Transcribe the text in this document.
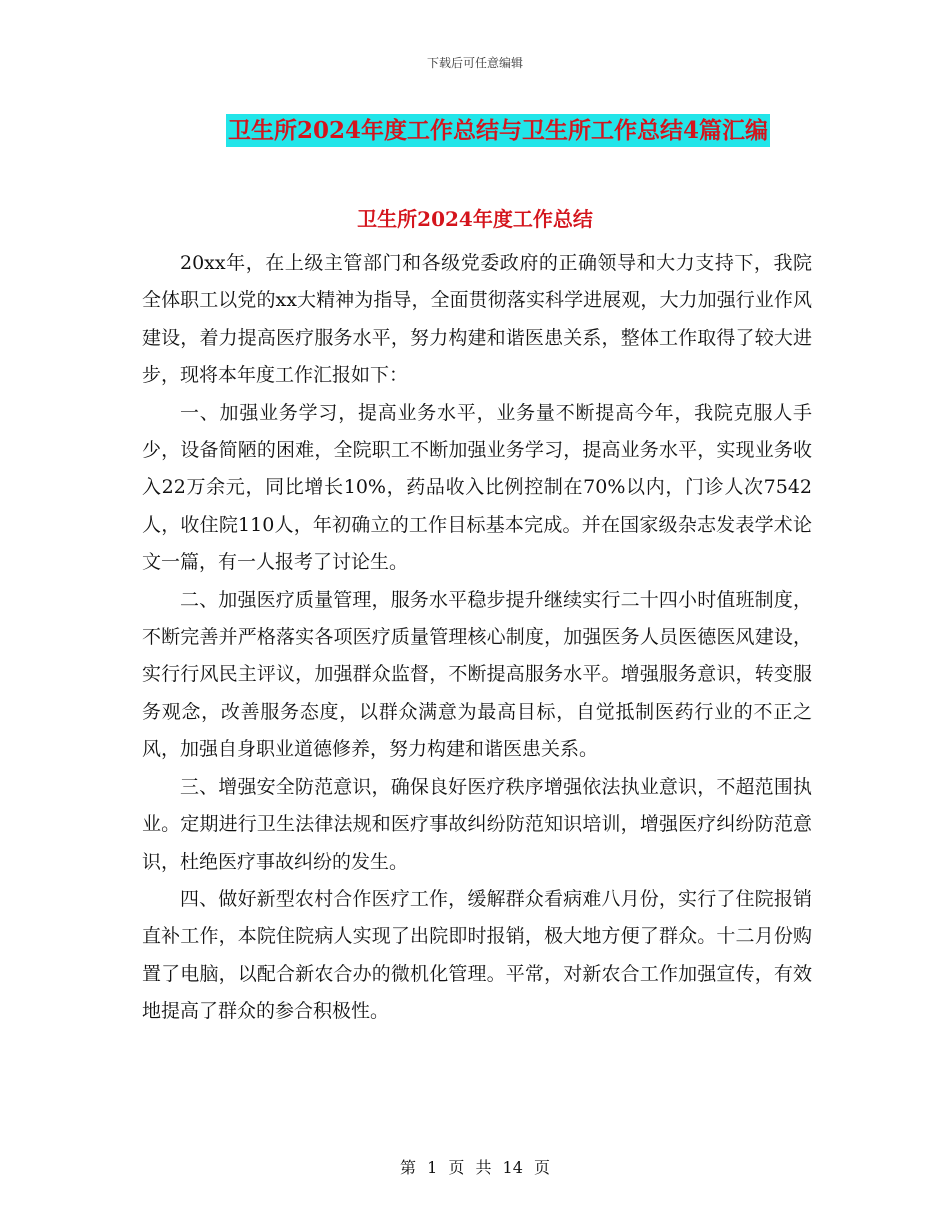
下载后可任意编辑
卫生所2024年度工作总结与卫生所工作总结4篇汇编
卫生所2024年度工作总结

20xx年，在上级主管部门和各级党委政府的正确领导和大力支持下，我院全体职工以党的xx大精神为指导，全面贯彻落实科学进展观，大力加强行业作风建设，着力提高医疗服务水平，努力构建和谐医患关系，整体工作取得了较大进步，现将本年度工作汇报如下：

一、加强业务学习，提高业务水平，业务量不断提高今年，我院克服人手少，设备简陋的困难，全院职工不断加强业务学习，提高业务水平，实现业务收入22万余元，同比增长10%，药品收入比例控制在70%以内，门诊人次7542人，收住院110人，年初确立的工作目标基本完成。并在国家级杂志发表学术论文一篇，有一人报考了讨论生。

二、加强医疗质量管理，服务水平稳步提升继续实行二十四小时值班制度，不断完善并严格落实各项医疗质量管理核心制度，加强医务人员医德医风建设，实行行风民主评议，加强群众监督，不断提高服务水平。增强服务意识，转变服务观念，改善服务态度，以群众满意为最高目标，自觉抵制医药行业的不正之风，加强自身职业道德修养，努力构建和谐医患关系。

三、增强安全防范意识，确保良好医疗秩序增强依法执业意识，不超范围执业。定期进行卫生法律法规和医疗事故纠纷防范知识培训，增强医疗纠纷防范意识，杜绝医疗事故纠纷的发生。

四、做好新型农村合作医疗工作，缓解群众看病难八月份，实行了住院报销直补工作，本院住院病人实现了出院即时报销，极大地方便了群众。十二月份购置了电脑，以配合新农合办的微机化管理。平常，对新农合工作加强宣传，有效地提高了群众的参合积极性。

第 1 页 共 14 页
